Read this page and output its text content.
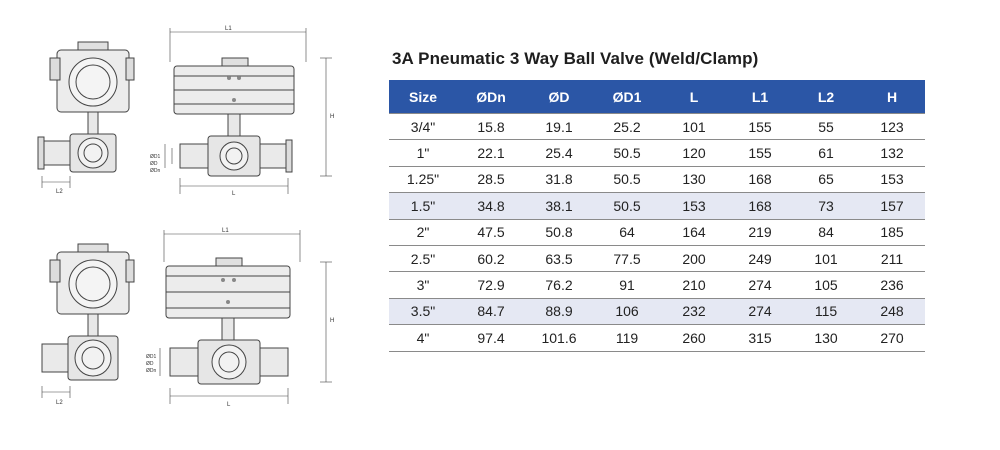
L2
L1
H
L
ØD1
ØD
ØDn
L2
L1
H
L
ØD1
ØD
ØDn
3A Pneumatic 3 Way Ball Valve (Weld/Clamp)
Size	ØDn	ØD	ØD1	L	L1	L2	H
3/4"	15.8	19.1	25.2	101	155	55	123
1"	22.1	25.4	50.5	120	155	61	132
1.25"	28.5	31.8	50.5	130	168	65	153
1.5"	34.8	38.1	50.5	153	168	73	157
2"	47.5	50.8	64	164	219	84	185
2.5"	60.2	63.5	77.5	200	249	101	211
3"	72.9	76.2	91	210	274	105	236
3.5"	84.7	88.9	106	232	274	115	248
4"	97.4	101.6	119	260	315	130	270
